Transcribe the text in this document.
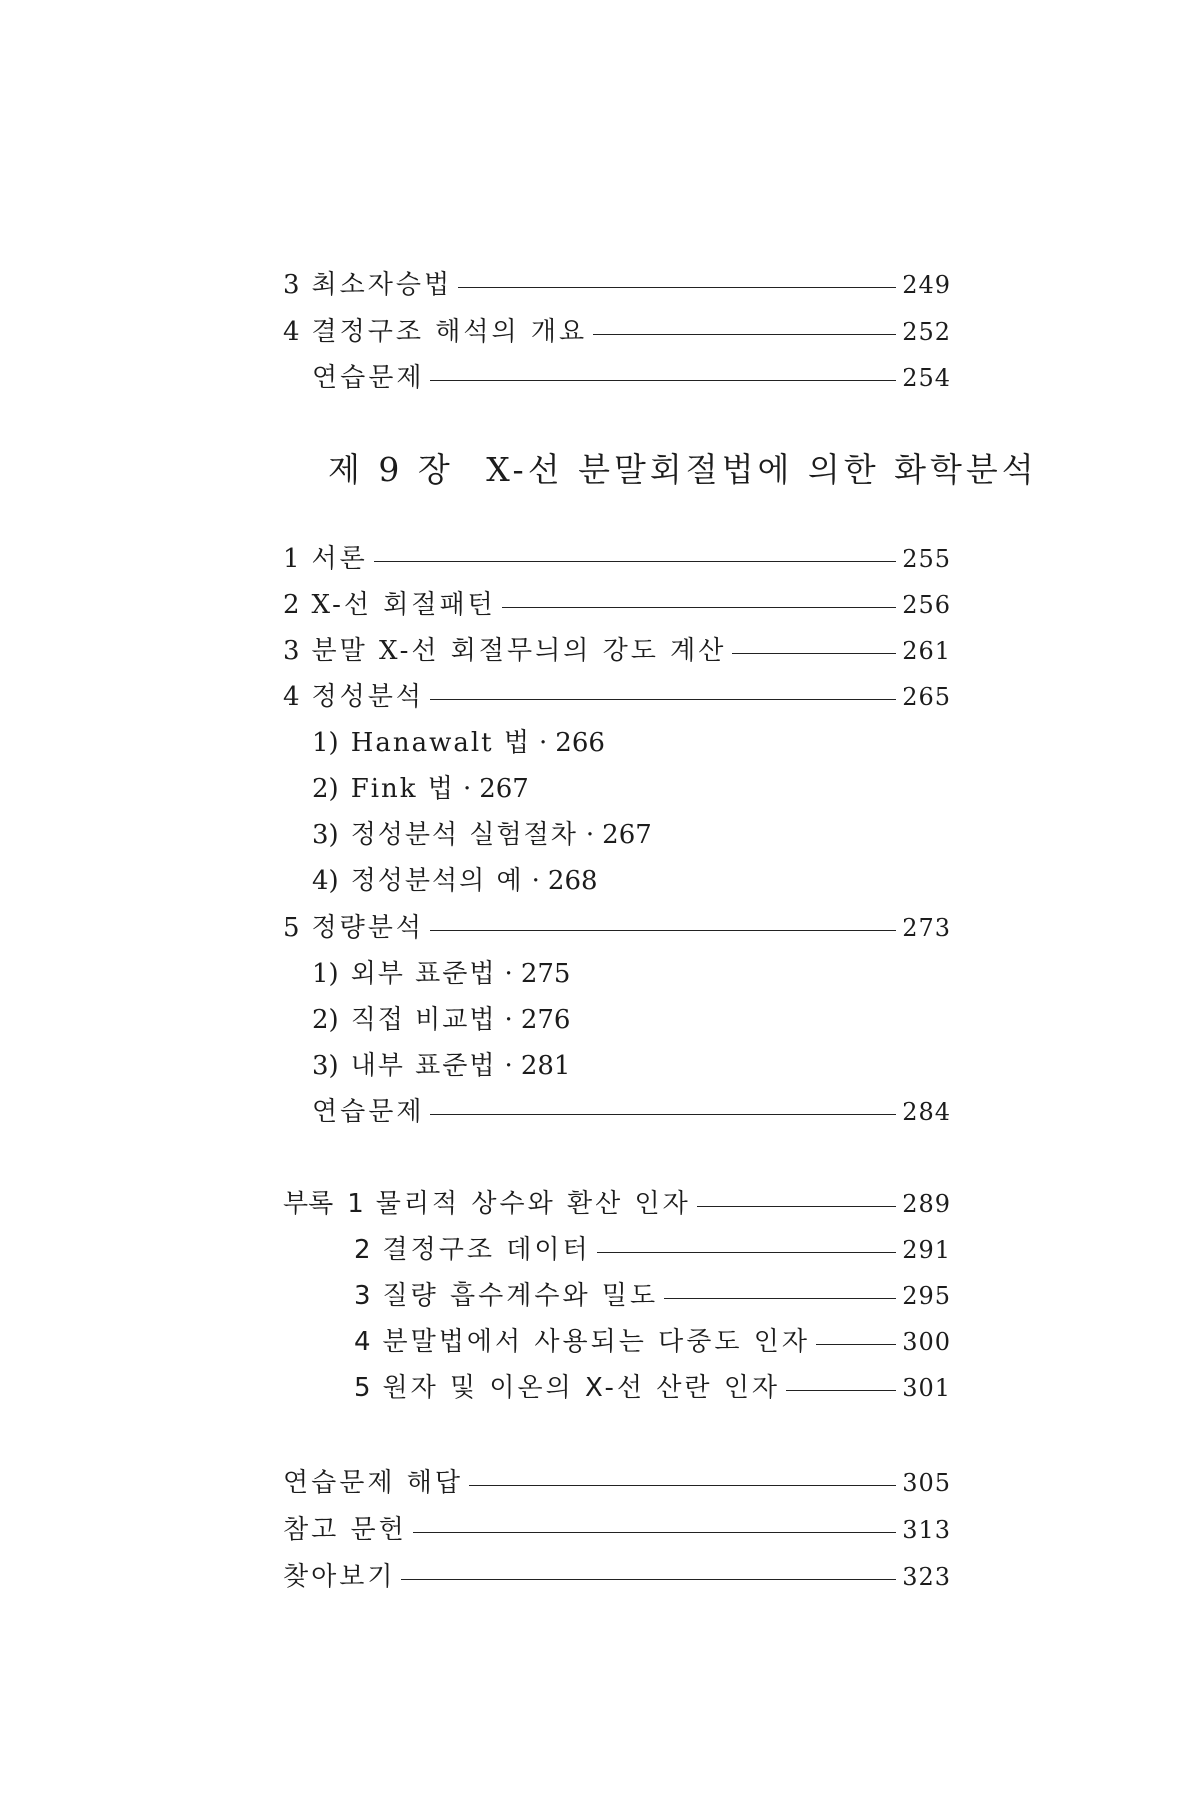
3 최소자승법	249
4 결정구조 해석의 개요	252
연습문제	254
제 9 장 X-선 분말회절법에 의한 화학분석
1 서론	255
2 X-선 회절패턴	256
3 분말 X-선 회절무늬의 강도 계산	261
4 정성분석	265
1) Hanawalt 법 · 266
2) Fink 법 · 267
3) 정성분석 실험절차 · 267
4) 정성분석의 예 · 268
5 정량분석	273
1) 외부 표준법 · 275
2) 직접 비교법 · 276
3) 내부 표준법 · 281
연습문제	284
부록 1 물리적 상수와 환산 인자	289
2 결정구조 데이터	291
3 질량 흡수계수와 밀도	295
4 분말법에서 사용되는 다중도 인자	300
5 원자 및 이온의 X-선 산란 인자	301
연습문제 해답	305
참고 문헌	313
찾아보기	323
